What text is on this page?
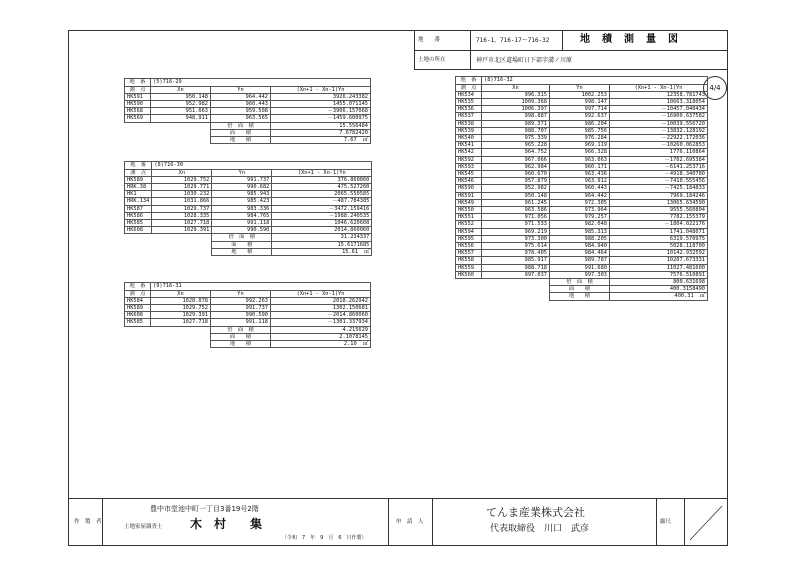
地　　番	716-1，716-17～716-32	地　積　測　量　図
土地の所在	神戸市北区道場町日下部字溝ノ川原
4/4
地　番	(5)716-29		
測　点	Xn	Yn	(Xn+1 - Xn-1)Yn
HK591	950.148	964.442	3926.243382
HK590	952.982	960.443	1455.071145
HK568	951.663	959.508	－3906.157068
HK569	948.911	963.565	－1459.600975
		倍　面　積	15.556484
		面　　積	7.6782420
		地　　積	7.67 ㎡
地　番	(8)716-30		
測　点	Xn	Yn	(Xn+1 - Xn-1)Yn
HK589	1029.752	991.737	376.860060
HRK.38	1029.771	990.682	475.527260
HK1	1030.232	985.943	2065.550585
HRK.134	1031.866	985.423	－487.784385
HK587	1029.737	983.336	－3472.159416
HK586	1028.335	984.765	－1988.240535
HK585	1027.718	991.118	1046.620608
HK608	1029.391	990.590	2014.860060
		倍　面　積	31.234337
		面　　積	15.6171685
		地　　積	15.61 ㎡
地　番	(9)716-31		
測　点	Xn	Yn	(Xn+1 - Xn-1)Yn
HK584	1028.078	992.263	2018.262942
HK589	1029.752	991.737	1302.150681
HK608	1029.391	990.590	－2014.860060
HK585	1027.718	991.118	－1301.337934
		倍　面　積	4.215629
		面　　積	2.1078145
		地　　積	2.10 ㎡
地　番	(8)716-32		
測　点	Xn	Yn	(Xn+1 - Xn-1)Yn
HK534	996.315	1002.253	12358.781743
HK535	1009.368	998.147	10663.318054
HK536	1006.397	997.714	－10457.040434
HK537	998.887	992.637	－16900.637582
HK538	989.371	986.204	－10039.556720
HK539	988.707	985.756	－13832.128192
HK540	975.339	976.284	－22922.172036
HK541	965.228	969.119	－10260.062853
HK542	964.752	966.328	1776.110864
HK592	967.066	963.063	－1702.695384
HK593	962.984	960.171	－6141.253716
HK545	960.670	963.436	－4918.340780
HK546	957.879	963.912	－7410.555456
HK590	952.982	960.443	－7425.184833
HK591	950.148	964.442	7969.184246
HK549	961.245	972.305	13065.634590
HK550	963.586	973.964	9555.560804
HK551	971.056	979.257	7782.155379
HK552	971.533	982.048	－1804.022176
HK594	969.219	985.313	1741.048071
HK595	973.300	988.205	6319.570975
HK556	975.614	984.940	5028.118700
HK557	978.405	984.464	10142.932592
HK558	985.917	989.787	10207.673331
HK559	988.718	991.680	11027.481600
HK560	997.037	997.303	7576.510891
		倍　面　積	800.631698
		面　　積	400.3158490
		地　　積	400.31 ㎡
作　製　者
豊中市堂池中町一丁目3番19号2階
土地家屋調査士 木　村　　集
（令和　7　年　9　月　6　日作製）
申　請　人
てんま産業株式会社
代表取締役　川口　武彦
縮尺
